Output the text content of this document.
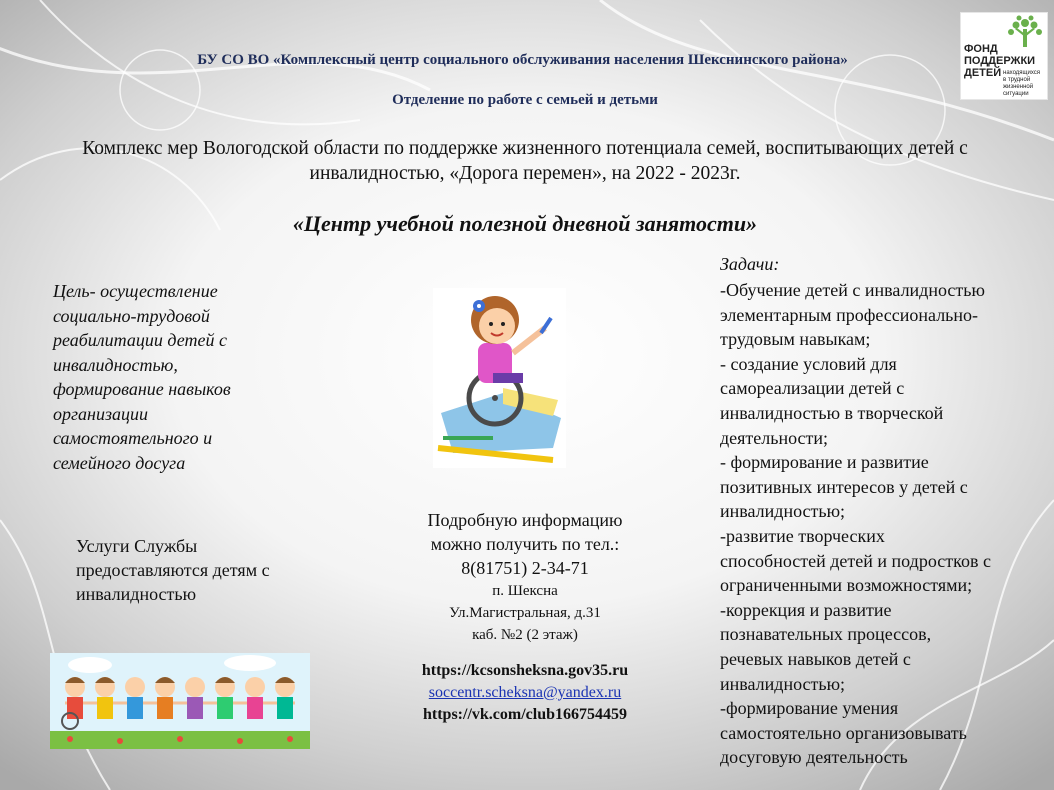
БУ СО ВО «Комплексный центр социального обслуживания населения Шекснинского района»
Отделение по работе с семьей и детьми
ФОНД
ПОДДЕРЖКИ
ДЕТЕЙ находящихся
в трудной
жизненной
ситуации
Комплекс мер Вологодской области по поддержке жизненного потенциала семей, воспитывающих детей с
инвалидностью, «Дорога перемен», на 2022 - 2023г.
«Центр учебной полезной дневной занятости»
Цель- осуществление
социально-трудовой
реабилитации детей с
инвалидностью,
формирование навыков
организации
самостоятельного и
семейного досуга
Задачи:
-Обучение детей с инвалидностью
элементарным профессионально-
трудовым навыкам;
- создание условий для
самореализации детей с
инвалидностью в творческой
деятельности;
- формирование и развитие
позитивных интересов у детей с
инвалидностью;
-развитие творческих
способностей детей и подростков с
ограниченными возможностями;
-коррекция и развитие
познавательных процессов,
речевых навыков детей с
инвалидностью;
-формирование умения
самостоятельно организовывать
досуговую деятельность
Услуги Службы
предоставляются детям с
инвалидностью
Подробную информацию
можно получить по тел.:
8(81751) 2-34-71
п. Шексна
Ул.Магистральная, д.31
каб. №2 (2 этаж)
https://kcsonsheksna.gov35.ru
soccentr.scheksna@yandex.ru
https://vk.com/club166754459
